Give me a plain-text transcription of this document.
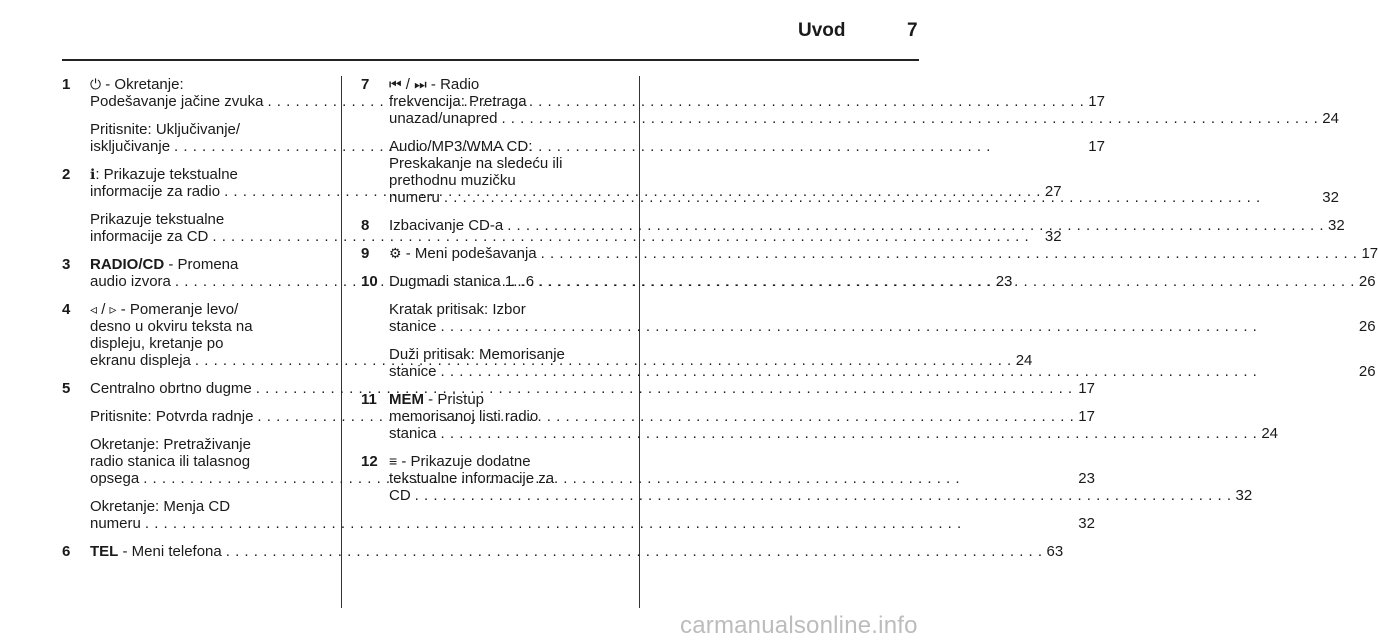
Uvod	7
1	⏻ - Okretanje:
Podešavanje jačine zvuka . . .	17
Pritisnite: Uključivanje/
isključivanje . . .	17
2	ℹ: Prikazuje tekstualne
informacije za radio . . .	27
Prikazuje tekstualne
informacije za CD . . .	32
3	RADIO/CD - Promena
audio izvora . . .	23
4	◃ / ▹ - Pomeranje levo/
desno u okviru teksta na
displeju, kretanje po
ekranu displeja . . .	24
5	Centralno obrtno dugme . . .	17
Pritisnite: Potvrda radnje . . .	17
Okretanje: Pretraživanje
radio stanica ili talasnog
opsega . . .	23
Okretanje: Menja CD
numeru . . .	32
6	TEL - Meni telefona . . .	63
7	⏮ / ⏭ - Radio
frekvencija: Pretraga
unazad/unapred . . .	24
Audio/MP3/WMA CD:
Preskakanje na sledeću ili
prethodnu muzičku
numeru . . .	32
8	Izbacivanje CD-a . . .	32
9	⚙ - Meni podešavanja . . .	17
10 Dugmadi stanica 1...6 . . .	26
Kratak pritisak: Izbor
stanice . . .	26
Duži pritisak: Memorisanje
stanice . . .	26
11 MEM - Pristup
memorisanoj listi radio
stanica . . .	24
12 ≡ - Prikazuje dodatne
tekstualne informacije za
CD . . .	32
carmanualsonline.info
